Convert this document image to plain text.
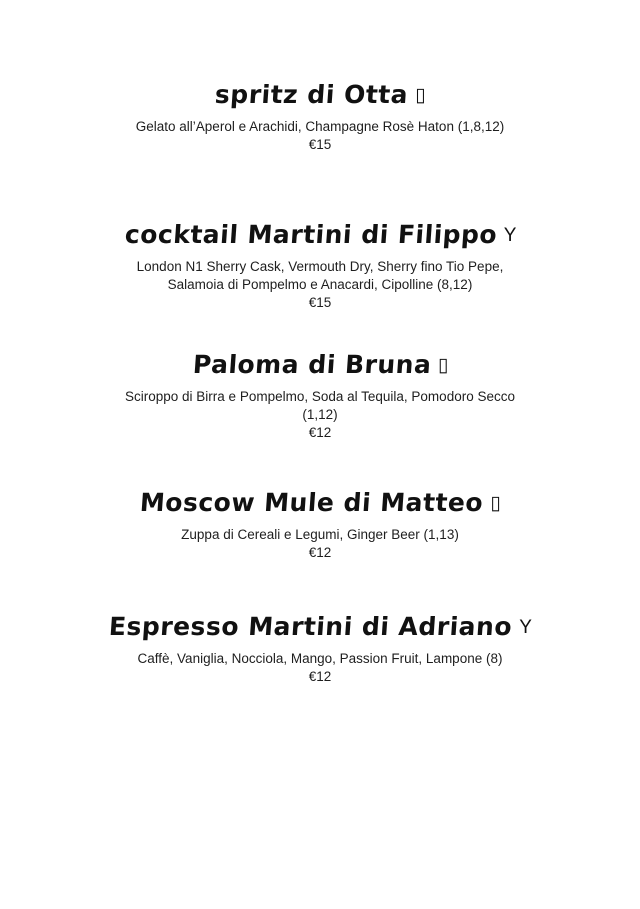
spritz di Otta ▯
Gelato all’Aperol e Arachidi, Champagne Rosè Haton (1,8,12)
€15
cocktail Martini di Filippo Υ
London N1 Sherry Cask, Vermouth Dry, Sherry fino Tio Pepe, Salamoia di Pompelmo e Anacardi, Cipolline (8,12)
€15
Paloma di Bruna ▯
Sciroppo di Birra e Pompelmo, Soda al Tequila, Pomodoro Secco (1,12)
€12
Moscow Mule di Matteo ▯
Zuppa di Cereali e Legumi, Ginger Beer (1,13)
€12
Espresso Martini di Adriano Υ
Caffè, Vaniglia, Nocciola, Mango, Passion Fruit, Lampone (8)
€12
